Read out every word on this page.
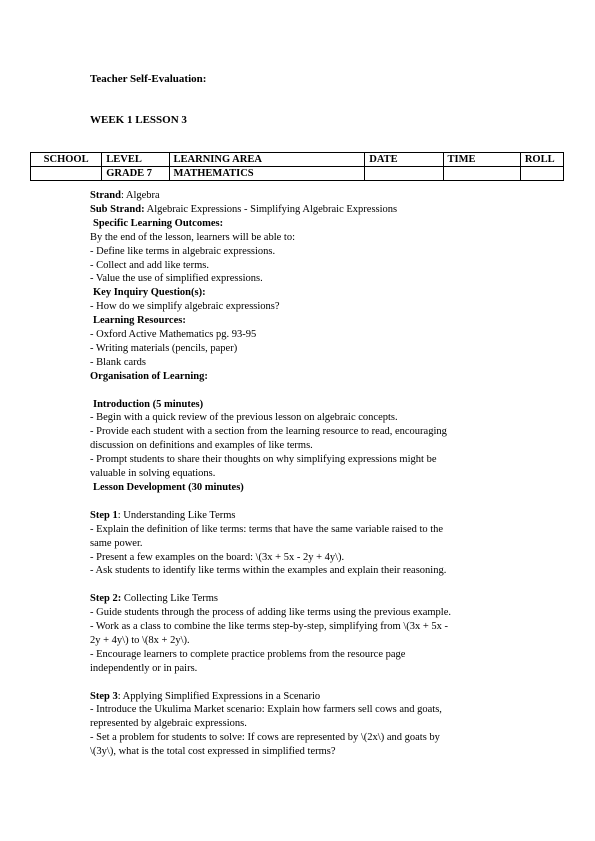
Teacher Self-Evaluation:
WEEK 1 LESSON 3
SCHOOL	LEVEL	LEARNING AREA	DATE	TIME	ROLL
	GRADE 7	MATHEMATICS			

Strand: Algebra

Sub Strand: Algebraic Expressions - Simplifying Algebraic Expressions

Specific Learning Outcomes:

By the end of the lesson, learners will be able to:

- Define like terms in algebraic expressions.

- Collect and add like terms.

- Value the use of simplified expressions.

Key Inquiry Question(s):

- How do we simplify algebraic expressions?

Learning Resources:

- Oxford Active Mathematics pg. 93-95

- Writing materials (pencils, paper)

- Blank cards

Organisation of Learning:

Introduction (5 minutes)

- Begin with a quick review of the previous lesson on algebraic concepts.

- Provide each student with a section from the learning resource to read, encouraging

discussion on definitions and examples of like terms.

- Prompt students to share their thoughts on why simplifying expressions might be

valuable in solving equations.

Lesson Development (30 minutes)

Step 1: Understanding Like Terms

- Explain the definition of like terms: terms that have the same variable raised to the

same power.

- Present a few examples on the board: \(3x + 5x - 2y + 4y\).

- Ask students to identify like terms within the examples and explain their reasoning.

Step 2: Collecting Like Terms

- Guide students through the process of adding like terms using the previous example.

- Work as a class to combine the like terms step-by-step, simplifying from \(3x + 5x -

2y + 4y\) to \(8x + 2y\).

- Encourage learners to complete practice problems from the resource page

independently or in pairs.

Step 3: Applying Simplified Expressions in a Scenario

- Introduce the Ukulima Market scenario: Explain how farmers sell cows and goats,

represented by algebraic expressions.

- Set a problem for students to solve: If cows are represented by \(2x\) and goats by

\(3y\), what is the total cost expressed in simplified terms?
